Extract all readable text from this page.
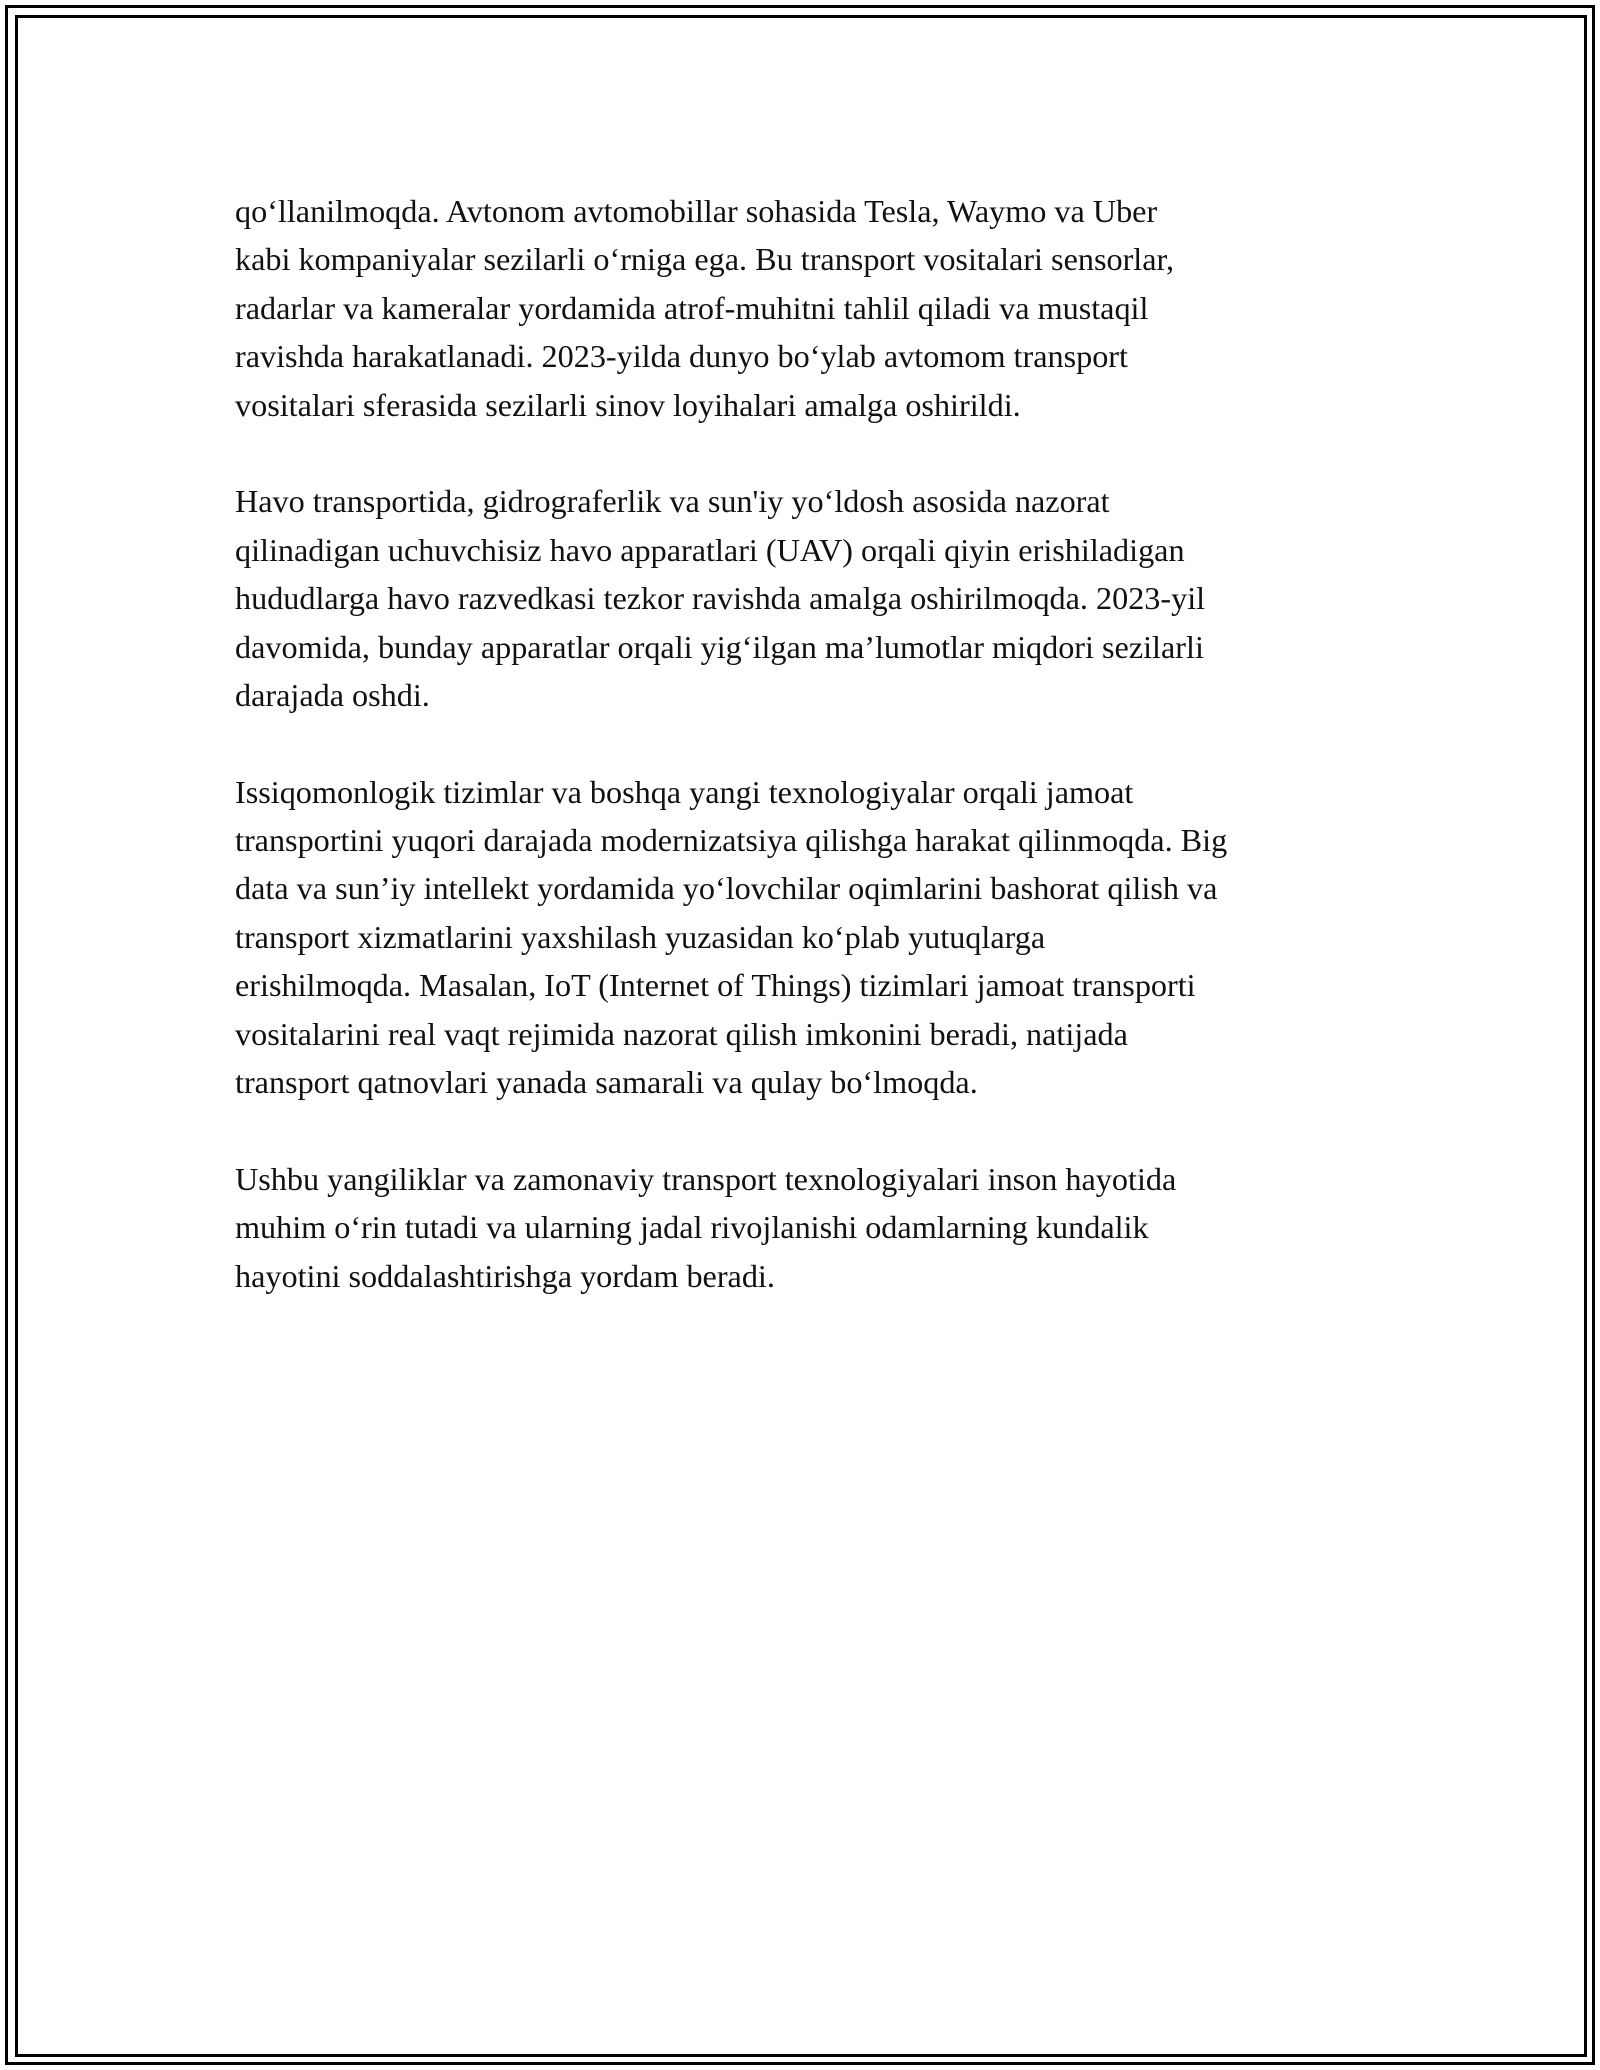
qo‘llanilmoqda. Avtonom avtomobillar sohasida Tesla, Waymo va Uber
kabi kompaniyalar sezilarli o‘rniga ega. Bu transport vositalari sensorlar,
radarlar va kameralar yordamida atrof-muhitni tahlil qiladi va mustaqil
ravishda harakatlanadi. 2023-yilda dunyo bo‘ylab avtomom transport
vositalari sferasida sezilarli sinov loyihalari amalga oshirildi.

Havo transportida, gidrograferlik va sun'iy yo‘ldosh asosida nazorat
qilinadigan uchuvchisiz havo apparatlari (UAV) orqali qiyin erishiladigan
hududlarga havo razvedkasi tezkor ravishda amalga oshirilmoqda. 2023-yil
davomida, bunday apparatlar orqali yig‘ilgan ma’lumotlar miqdori sezilarli
darajada oshdi.

Issiqomonlogik tizimlar va boshqa yangi texnologiyalar orqali jamoat
transportini yuqori darajada modernizatsiya qilishga harakat qilinmoqda. Big
data va sun’iy intellekt yordamida yo‘lovchilar oqimlarini bashorat qilish va
transport xizmatlarini yaxshilash yuzasidan ko‘plab yutuqlarga
erishilmoqda. Masalan, IoT (Internet of Things) tizimlari jamoat transporti
vositalarini real vaqt rejimida nazorat qilish imkonini beradi, natijada
transport qatnovlari yanada samarali va qulay bo‘lmoqda.

Ushbu yangiliklar va zamonaviy transport texnologiyalari inson hayotida
muhim o‘rin tutadi va ularning jadal rivojlanishi odamlarning kundalik
hayotini soddalashtirishga yordam beradi.
